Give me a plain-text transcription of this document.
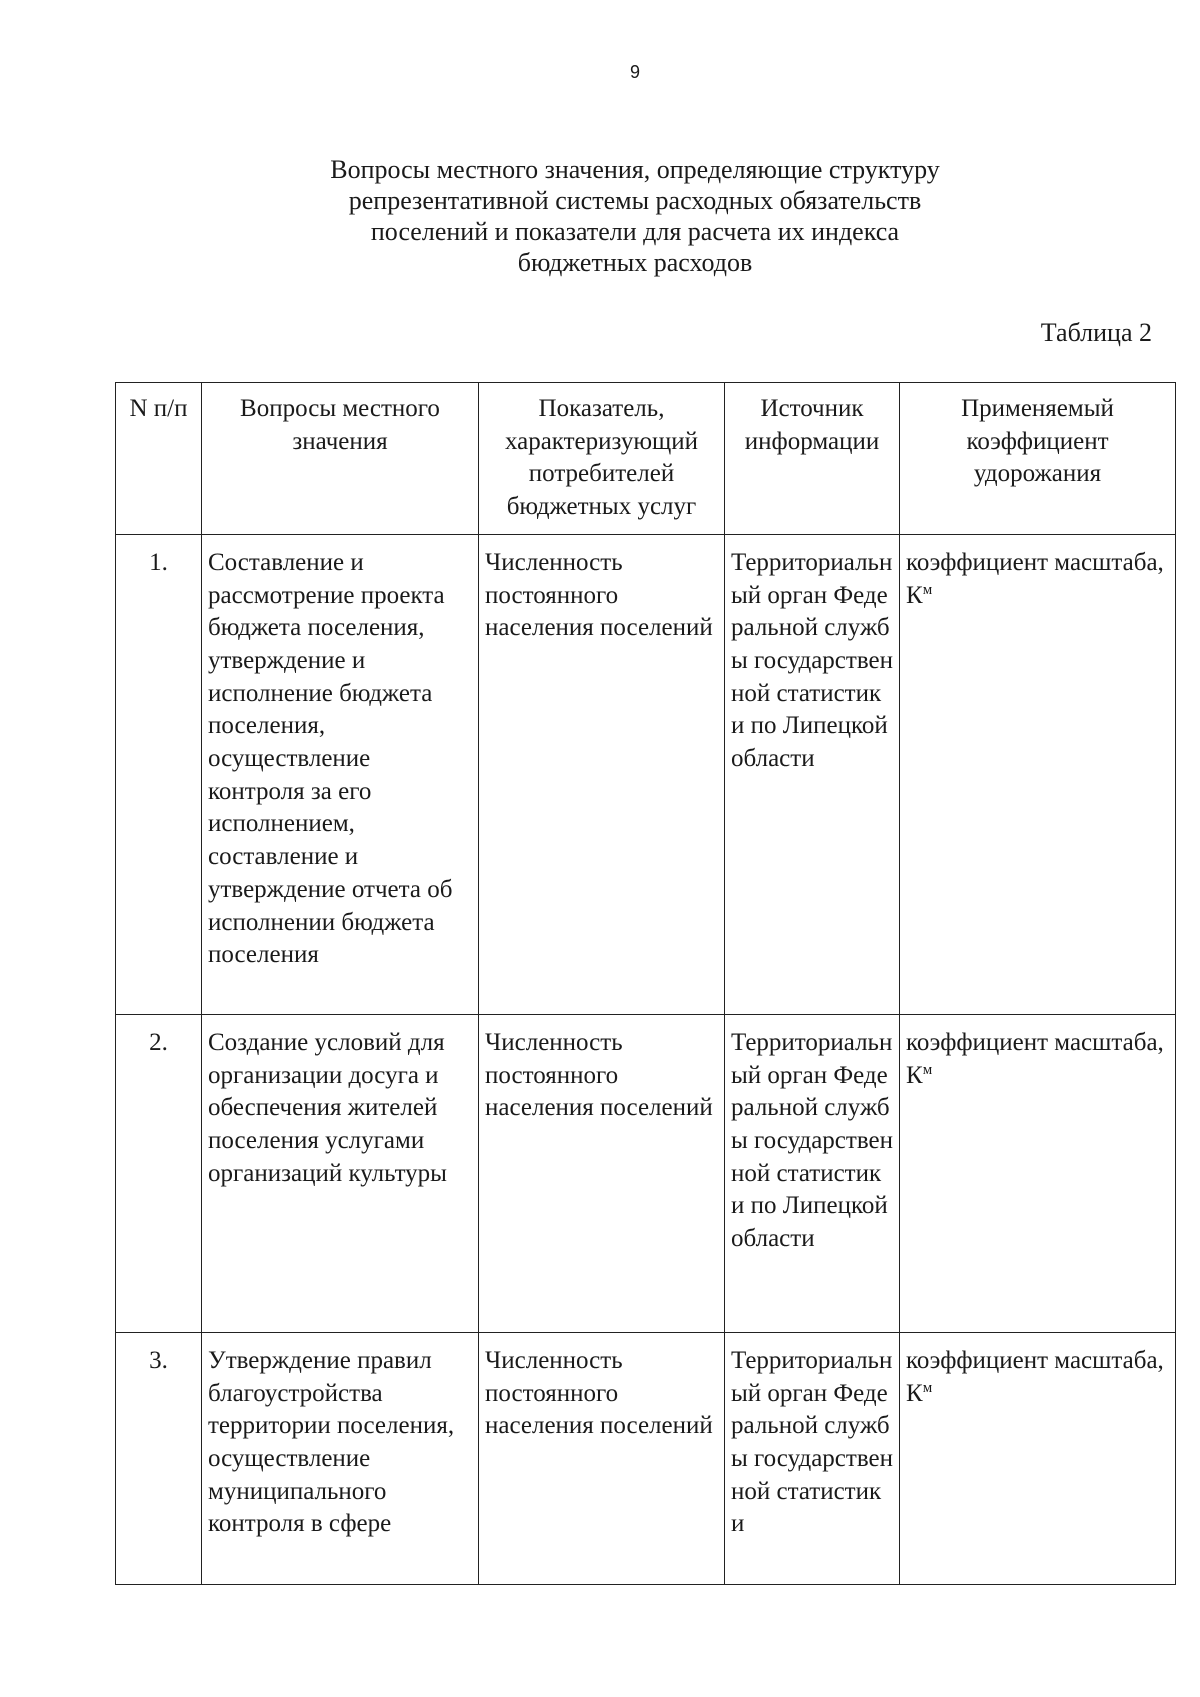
9
Вопросы местного значения, определяющие структуру
репрезентативной системы расходных обязательств
поселений и показатели для расчета их индекса
бюджетных расходов
Таблица 2
N п/п	Вопросы местного значения	Показатель, характеризующий потребителей бюджетных услуг	Источник информации	Применяемый коэффициент удорожания
1.	Составление и рассмотрение проекта бюджета поселения, утверждение и исполнение бюджета поселения, осуществление контроля за его исполнением, составление и утверждение отчета об исполнении бюджета поселения	Численность постоянного населения поселений	Территориальный орган Федеральной службы государственной статистики по Липецкой области	коэффициент масштаба, $К^м$
2.	Создание условий для организации досуга и обеспечения жителей поселения услугами организаций культуры	Численность постоянного населения поселений	Территориальный орган Федеральной службы государственной статистики по Липецкой области	коэффициент масштаба, $К^м$
3.	Утверждение правил благоустройства территории поселения, осуществление муниципального контроля в сфере	Численность постоянного населения поселений	Территориальный орган Федеральной службы государственной статистики	коэффициент масштаба, $К^м$
